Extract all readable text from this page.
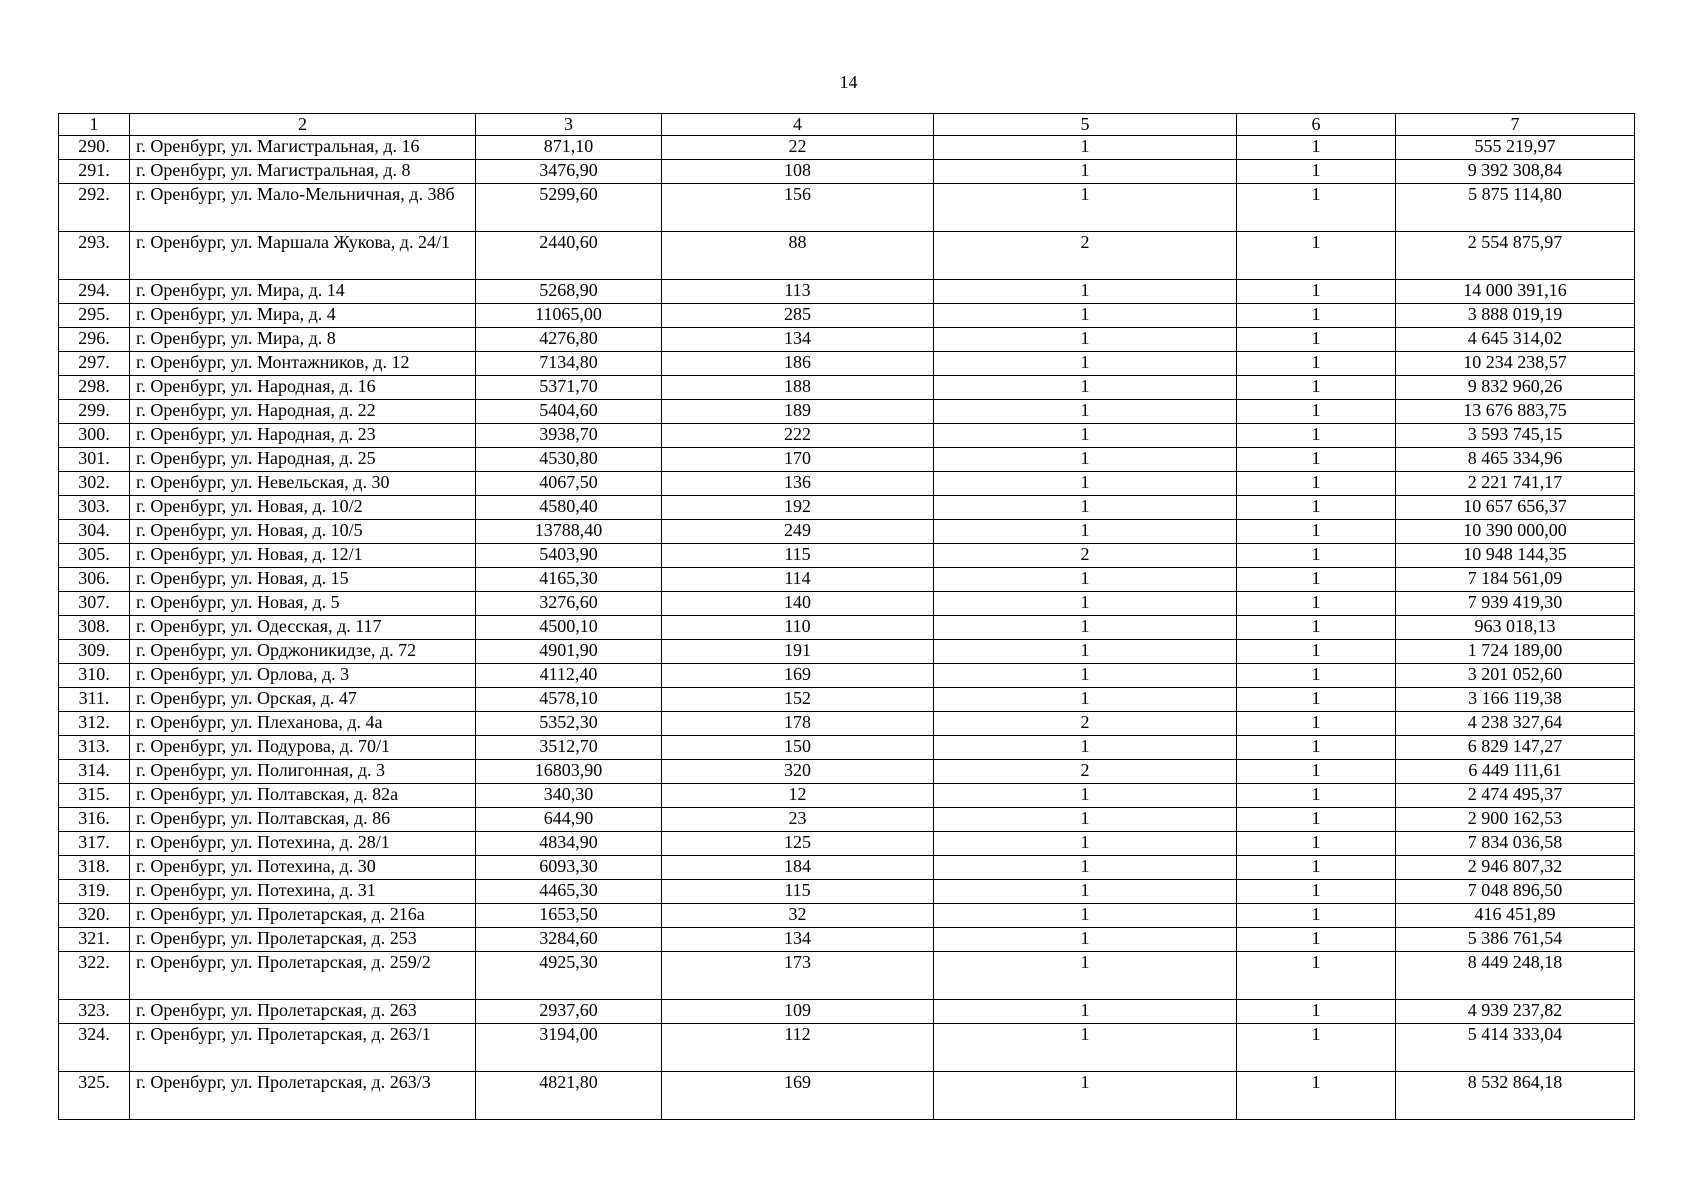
14
1	2	3	4	5	6	7
290.	г. Оренбург, ул. Магистральная, д. 16	871,10	22	1	1	555 219,97
291.	г. Оренбург, ул. Магистральная, д. 8	3476,90	108	1	1	9 392 308,84
292.	г. Оренбург, ул. Мало-Мельничная, д. 38б	5299,60	156	1	1	5 875 114,80
293.	г. Оренбург, ул. Маршала Жукова, д. 24/1	2440,60	88	2	1	2 554 875,97
294.	г. Оренбург, ул. Мира, д. 14	5268,90	113	1	1	14 000 391,16
295.	г. Оренбург, ул. Мира, д. 4	11065,00	285	1	1	3 888 019,19
296.	г. Оренбург, ул. Мира, д. 8	4276,80	134	1	1	4 645 314,02
297.	г. Оренбург, ул. Монтажников, д. 12	7134,80	186	1	1	10 234 238,57
298.	г. Оренбург, ул. Народная, д. 16	5371,70	188	1	1	9 832 960,26
299.	г. Оренбург, ул. Народная, д. 22	5404,60	189	1	1	13 676 883,75
300.	г. Оренбург, ул. Народная, д. 23	3938,70	222	1	1	3 593 745,15
301.	г. Оренбург, ул. Народная, д. 25	4530,80	170	1	1	8 465 334,96
302.	г. Оренбург, ул. Невельская, д. 30	4067,50	136	1	1	2 221 741,17
303.	г. Оренбург, ул. Новая, д. 10/2	4580,40	192	1	1	10 657 656,37
304.	г. Оренбург, ул. Новая, д. 10/5	13788,40	249	1	1	10 390 000,00
305.	г. Оренбург, ул. Новая, д. 12/1	5403,90	115	2	1	10 948 144,35
306.	г. Оренбург, ул. Новая, д. 15	4165,30	114	1	1	7 184 561,09
307.	г. Оренбург, ул. Новая, д. 5	3276,60	140	1	1	7 939 419,30
308.	г. Оренбург, ул. Одесская, д. 117	4500,10	110	1	1	963 018,13
309.	г. Оренбург, ул. Орджоникидзе, д. 72	4901,90	191	1	1	1 724 189,00
310.	г. Оренбург, ул. Орлова, д. 3	4112,40	169	1	1	3 201 052,60
311.	г. Оренбург, ул. Орская, д. 47	4578,10	152	1	1	3 166 119,38
312.	г. Оренбург, ул. Плеханова, д. 4а	5352,30	178	2	1	4 238 327,64
313.	г. Оренбург, ул. Подурова, д. 70/1	3512,70	150	1	1	6 829 147,27
314.	г. Оренбург, ул. Полигонная, д. 3	16803,90	320	2	1	6 449 111,61
315.	г. Оренбург, ул. Полтавская, д. 82а	340,30	12	1	1	2 474 495,37
316.	г. Оренбург, ул. Полтавская, д. 86	644,90	23	1	1	2 900 162,53
317.	г. Оренбург, ул. Потехина, д. 28/1	4834,90	125	1	1	7 834 036,58
318.	г. Оренбург, ул. Потехина, д. 30	6093,30	184	1	1	2 946 807,32
319.	г. Оренбург, ул. Потехина, д. 31	4465,30	115	1	1	7 048 896,50
320.	г. Оренбург, ул. Пролетарская, д. 216а	1653,50	32	1	1	416 451,89
321.	г. Оренбург, ул. Пролетарская, д. 253	3284,60	134	1	1	5 386 761,54
322.	г. Оренбург, ул. Пролетарская, д. 259/2	4925,30	173	1	1	8 449 248,18
323.	г. Оренбург, ул. Пролетарская, д. 263	2937,60	109	1	1	4 939 237,82
324.	г. Оренбург, ул. Пролетарская, д. 263/1	3194,00	112	1	1	5 414 333,04
325.	г. Оренбург, ул. Пролетарская, д. 263/3	4821,80	169	1	1	8 532 864,18
